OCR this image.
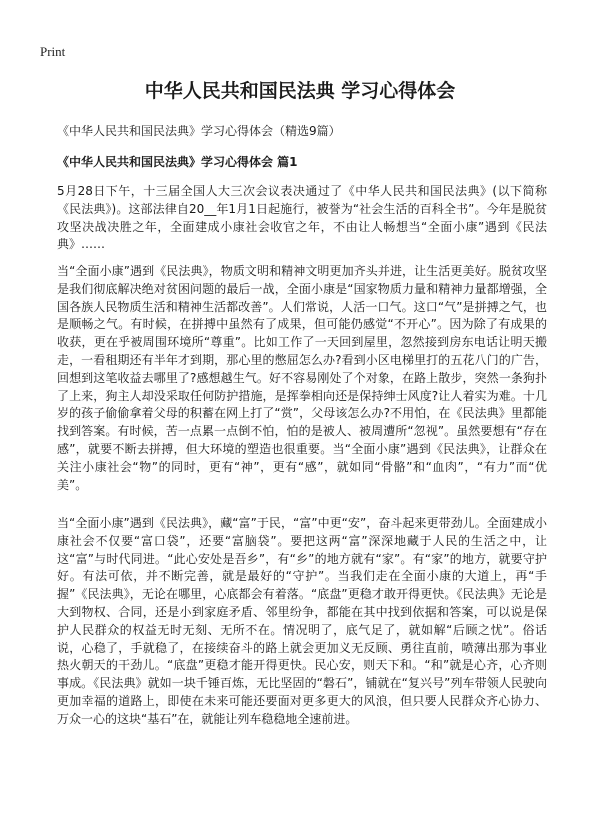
Print
中华人民共和国民法典 学习心得体会
《中华人民共和国民法典》学习心得体会（精选9篇）
《中华人民共和国民法典》学习心得体会 篇1

5月28日下午，十三届全国人大三次会议表决通过了《中华人民共和国民法典》(以下简称《民法典》)。这部法律自20__年1月1日起施行，被誉为“社会生活的百科全书”。今年是脱贫攻坚决战决胜之年，全面建成小康社会收官之年，不由让人畅想当“全面小康”遇到《民法典》……

当“全面小康”遇到《民法典》，物质文明和精神文明更加齐头并进，让生活更美好。脱贫攻坚是我们彻底解决绝对贫困问题的最后一战，全面小康是“国家物质力量和精神力量都增强，全国各族人民物质生活和精神生活都改善”。人们常说，人活一口气。这口“气”是拼搏之气，也是顺畅之气。有时候，在拼搏中虽然有了成果，但可能仍感觉“不开心”。因为除了有成果的收获，更在乎被周围环境所“尊重”。比如工作了一天回到屋里，忽然接到房东电话让明天搬走，一看租期还有半年才到期，那心里的憋屈怎么办?看到小区电梯里打的五花八门的广告，回想到这笔收益去哪里了?感想越生气。好不容易刚处了个对象，在路上散步，突然一条狗扑了上来，狗主人却没采取任何防护措施，是挥拳相向还是保持绅士风度?让人着实为难。十几岁的孩子偷偷拿着父母的积蓄在网上打了“赏”，父母该怎么办?不用怕，在《民法典》里都能找到答案。有时候，苦一点累一点倒不怕，怕的是被人、被周遭所“忽视”。虽然要想有“存在感”，就要不断去拼搏，但大环境的塑造也很重要。当“全面小康”遇到《民法典》，让群众在关注小康社会“物”的同时，更有“神”，更有“感”，就如同“骨骼”和“血肉”，“有力”而“优美”。

当“全面小康”遇到《民法典》，藏“富”于民，“富”中更“安”，奋斗起来更带劲儿。全面建成小康社会不仅要“富口袋”，还要“富脑袋”。要把这两“富”深深地藏于人民的生活之中，让这“富”与时代同进。“此心安处是吾乡”，有“乡”的地方就有“家”。有“家”的地方，就要守护好。有法可依，并不断完善，就是最好的“守护”。当我们走在全面小康的大道上，再“手握”《民法典》，无论在哪里，心底都会有着落。“底盘”更稳才敢开得更快。《民法典》无论是大到物权、合同，还是小到家庭矛盾、邻里纷争，都能在其中找到依据和答案，可以说是保护人民群众的权益无时无刻、无所不在。情况明了，底气足了，就如解“后顾之忧”。俗话说，心稳了，手就稳了，在接续奋斗的路上就会更加义无反顾、勇往直前，喷薄出那为事业热火朝天的干劲儿。“底盘”更稳才能开得更快。民心安，则天下和。“和”就是心齐，心齐则事成。《民法典》就如一块千锤百炼，无比坚固的“磐石”，铺就在“复兴号”列车带领人民驶向更加幸福的道路上，即使在未来可能还要面对更多更大的风浪，但只要人民群众齐心协力、万众一心的这块“基石”在，就能让列车稳稳地全速前进。
